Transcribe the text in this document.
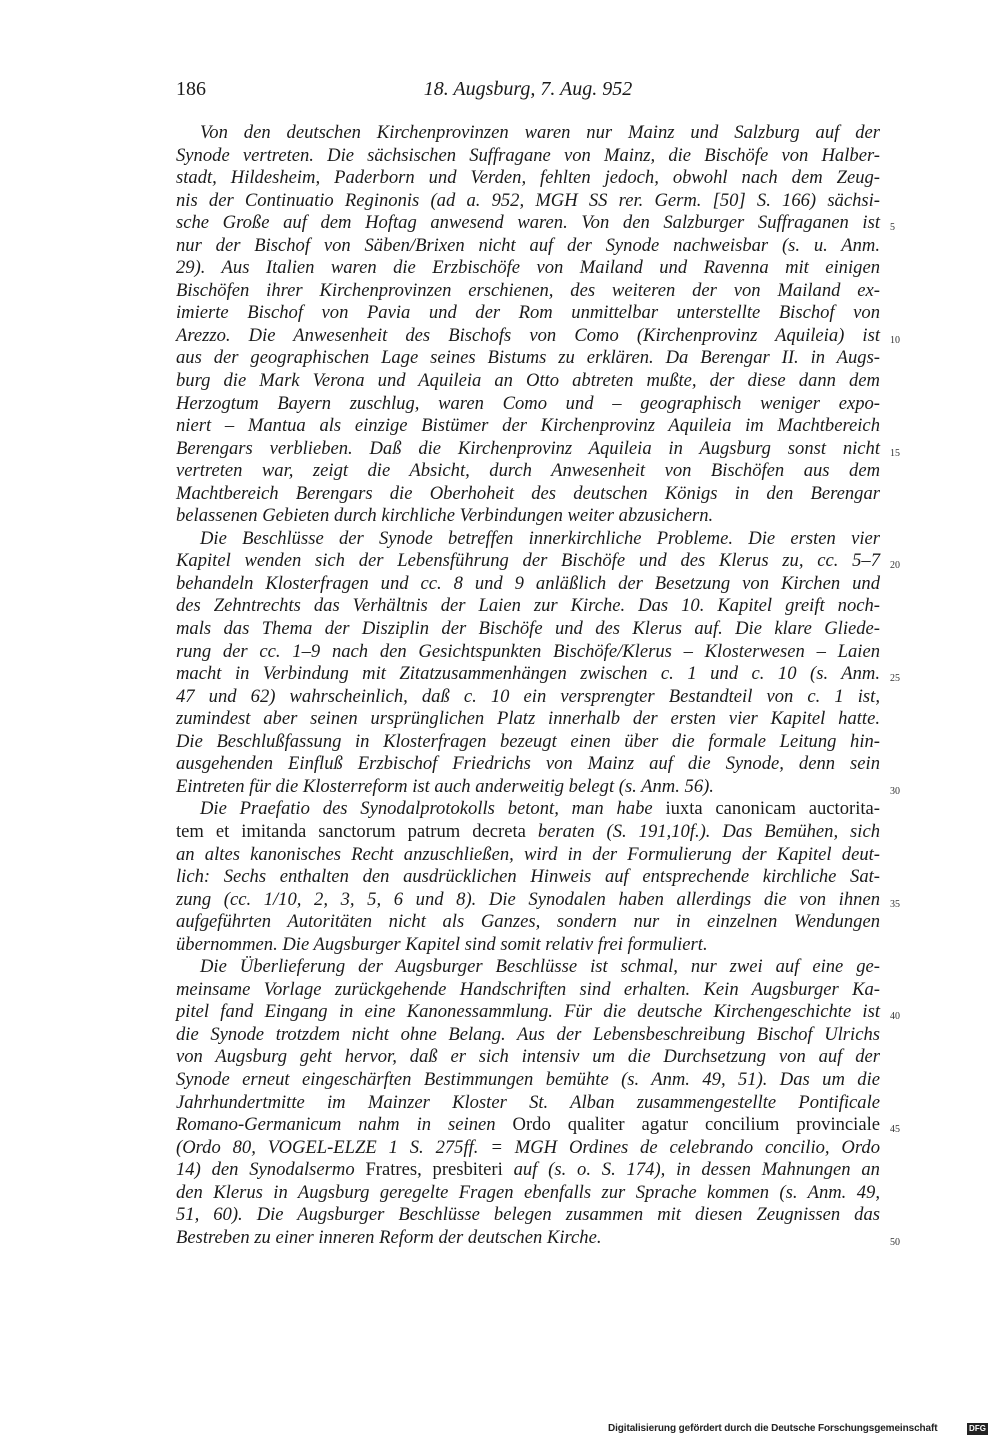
186	18. Augsburg, 7. Aug. 952
Von den deutschen Kirchenprovinzen waren nur Mainz und Salzburg auf der
Synode vertreten. Die sächsischen Suffragane von Mainz, die Bischöfe von Halber-
stadt, Hildesheim, Paderborn und Verden, fehlten jedoch, obwohl nach dem Zeug-
nis der Continuatio Reginonis (ad a. 952, MGH SS rer. Germ. [50] S. 166) sächsi-
sche Große auf dem Hoftag anwesend waren. Von den Salzburger Suffraganen ist 5
nur der Bischof von Säben/Brixen nicht auf der Synode nachweisbar (s. u. Anm.
29). Aus Italien waren die Erzbischöfe von Mailand und Ravenna mit einigen
Bischöfen ihrer Kirchenprovinzen erschienen, des weiteren der von Mailand ex-
imierte Bischof von Pavia und der Rom unmittelbar unterstellte Bischof von
Arezzo. Die Anwesenheit des Bischofs von Como (Kirchenprovinz Aquileia) ist 10
aus der geographischen Lage seines Bistums zu erklären. Da Berengar II. in Augs-
burg die Mark Verona und Aquileia an Otto abtreten mußte, der diese dann dem
Herzogtum Bayern zuschlug, waren Como und – geographisch weniger expo-
niert – Mantua als einzige Bistümer der Kirchenprovinz Aquileia im Machtbereich
Berengars verblieben. Daß die Kirchenprovinz Aquileia in Augsburg sonst nicht 15
vertreten war, zeigt die Absicht, durch Anwesenheit von Bischöfen aus dem
Machtbereich Berengars die Oberhoheit des deutschen Königs in den Berengar
belassenen Gebieten durch kirchliche Verbindungen weiter abzusichern.
Die Beschlüsse der Synode betreffen innerkirchliche Probleme. Die ersten vier
Kapitel wenden sich der Lebensführung der Bischöfe und des Klerus zu, cc. 5–7 20
behandeln Klosterfragen und cc. 8 und 9 anläßlich der Besetzung von Kirchen und
des Zehntrechts das Verhältnis der Laien zur Kirche. Das 10. Kapitel greift noch-
mals das Thema der Disziplin der Bischöfe und des Klerus auf. Die klare Gliede-
rung der cc. 1–9 nach den Gesichtspunkten Bischöfe/Klerus – Klosterwesen – Laien
macht in Verbindung mit Zitatzusammenhängen zwischen c. 1 und c. 10 (s. Anm. 25
47 und 62) wahrscheinlich, daß c. 10 ein versprengter Bestandteil von c. 1 ist,
zumindest aber seinen ursprünglichen Platz innerhalb der ersten vier Kapitel hatte.
Die Beschlußfassung in Klosterfragen bezeugt einen über die formale Leitung hin-
ausgehenden Einfluß Erzbischof Friedrichs von Mainz auf die Synode, denn sein
Eintreten für die Klosterreform ist auch anderweitig belegt (s. Anm. 56).	30
Die Praefatio des Synodalprotokolls betont, man habe iuxta canonicam auctorita-
tem et imitanda sanctorum patrum decreta beraten (S. 191,10f.). Das Bemühen, sich
an altes kanonisches Recht anzuschließen, wird in der Formulierung der Kapitel deut-
lich: Sechs enthalten den ausdrücklichen Hinweis auf entsprechende kirchliche Sat-
zung (cc. 1/10, 2, 3, 5, 6 und 8). Die Synodalen haben allerdings die von ihnen 35
aufgeführten Autoritäten nicht als Ganzes, sondern nur in einzelnen Wendungen
übernommen. Die Augsburger Kapitel sind somit relativ frei formuliert.
Die Überlieferung der Augsburger Beschlüsse ist schmal, nur zwei auf eine ge-
meinsame Vorlage zurückgehende Handschriften sind erhalten. Kein Augsburger Ka-
pitel fand Eingang in eine Kanonessammlung. Für die deutsche Kirchengeschichte ist 40
die Synode trotzdem nicht ohne Belang. Aus der Lebensbeschreibung Bischof Ulrichs
von Augsburg geht hervor, daß er sich intensiv um die Durchsetzung von auf der
Synode erneut eingeschärften Bestimmungen bemühte (s. Anm. 49, 51). Das um die
Jahrhundertmitte im Mainzer Kloster St. Alban zusammengestellte Pontificale
Romano-Germanicum nahm in seinen Ordo qualiter agatur concilium provinciale 45
(Ordo 80, VOGEL-ELZE 1 S. 275ff. = MGH Ordines de celebrando concilio, Ordo
14) den Synodalsermo Fratres, presbiteri auf (s. o. S. 174), in dessen Mahnungen an
den Klerus in Augsburg geregelte Fragen ebenfalls zur Sprache kommen (s. Anm. 49,
51, 60). Die Augsburger Beschlüsse belegen zusammen mit diesen Zeugnissen das
Bestreben zu einer inneren Reform der deutschen Kirche.	50
Digitalisierung gefördert durch die Deutsche Forschungsgemeinschaft	DFG
